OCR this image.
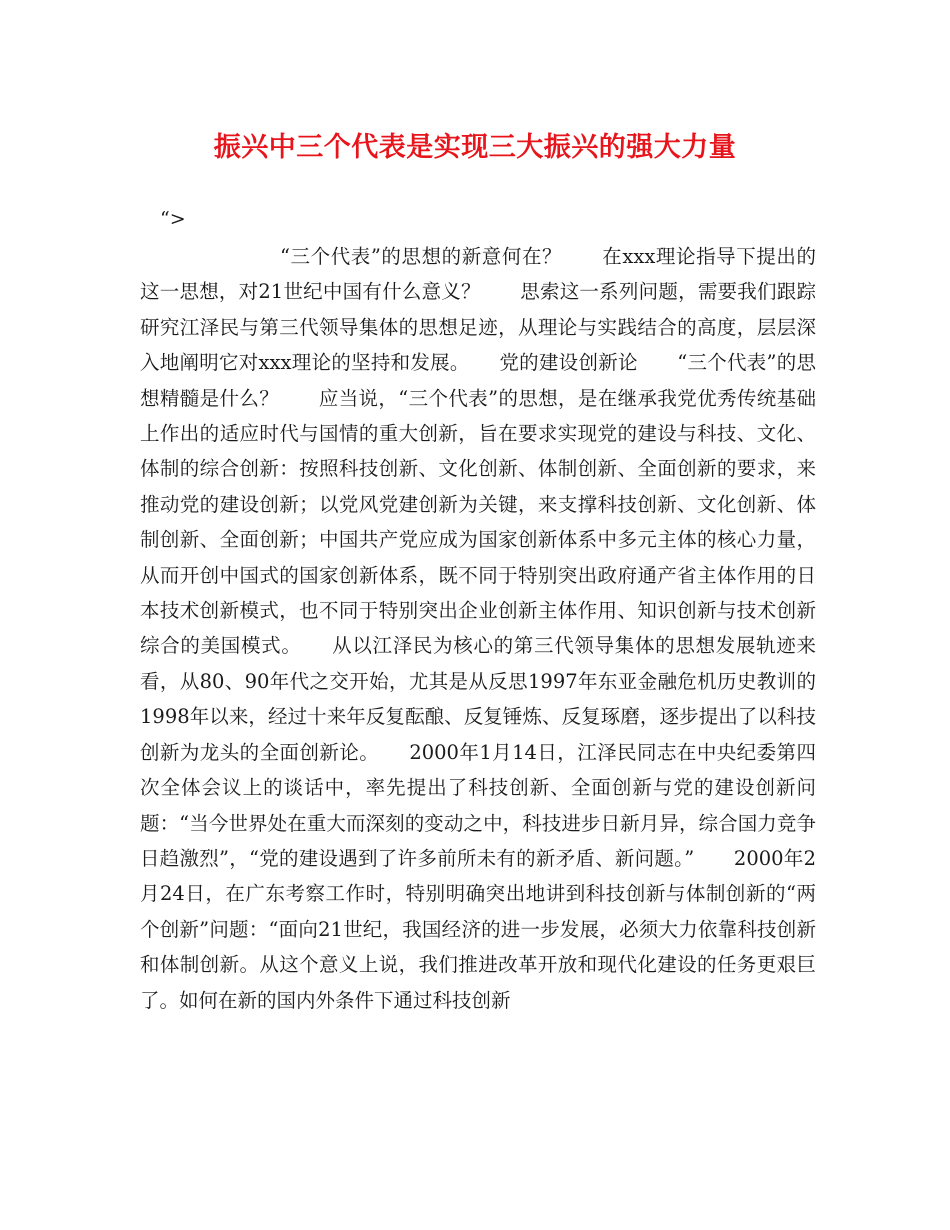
振兴中三个代表是实现三大振兴的强大力量
“>

“三个代表”的思想的新意何在？　　在xxx理论指导下提出的这一思想，对21世纪中国有什么意义？　　思索这一系列问题，需要我们跟踪研究江泽民与第三代领导集体的思想足迹，从理论与实践结合的高度，层层深入地阐明它对xxx理论的坚持和发展。　　党的建设创新论　　“三个代表”的思想精髓是什么？　　应当说，“三个代表”的思想，是在继承我党优秀传统基础上作出的适应时代与国情的重大创新，旨在要求实现党的建设与科技、文化、体制的综合创新：按照科技创新、文化创新、体制创新、全面创新的要求，来推动党的建设创新；以党风党建创新为关键，来支撑科技创新、文化创新、体制创新、全面创新；中国共产党应成为国家创新体系中多元主体的核心力量，从而开创中国式的国家创新体系，既不同于特别突出政府通产省主体作用的日本技术创新模式，也不同于特别突出企业创新主体作用、知识创新与技术创新综合的美国模式。　　从以江泽民为核心的第三代领导集体的思想发展轨迹来看，从80、90年代之交开始，尤其是从反思1997年东亚金融危机历史教训的1998年以来，经过十来年反复酝酿、反复锤炼、反复琢磨，逐步提出了以科技创新为龙头的全面创新论。　　2000年1月14日，江泽民同志在中央纪委第四次全体会议上的谈话中，率先提出了科技创新、全面创新与党的建设创新问题：“当今世界处在重大而深刻的变动之中，科技进步日新月异，综合国力竞争日趋激烈”，“党的建设遇到了许多前所未有的新矛盾、新问题。”　　2000年2月24日，在广东考察工作时，特别明确突出地讲到科技创新与体制创新的“两个创新”问题：“面向21世纪，我国经济的进一步发展，必须大力依靠科技创新和体制创新。从这个意义上说，我们推进改革开放和现代化建设的任务更艰巨了。如何在新的国内外条件下通过科技创新
